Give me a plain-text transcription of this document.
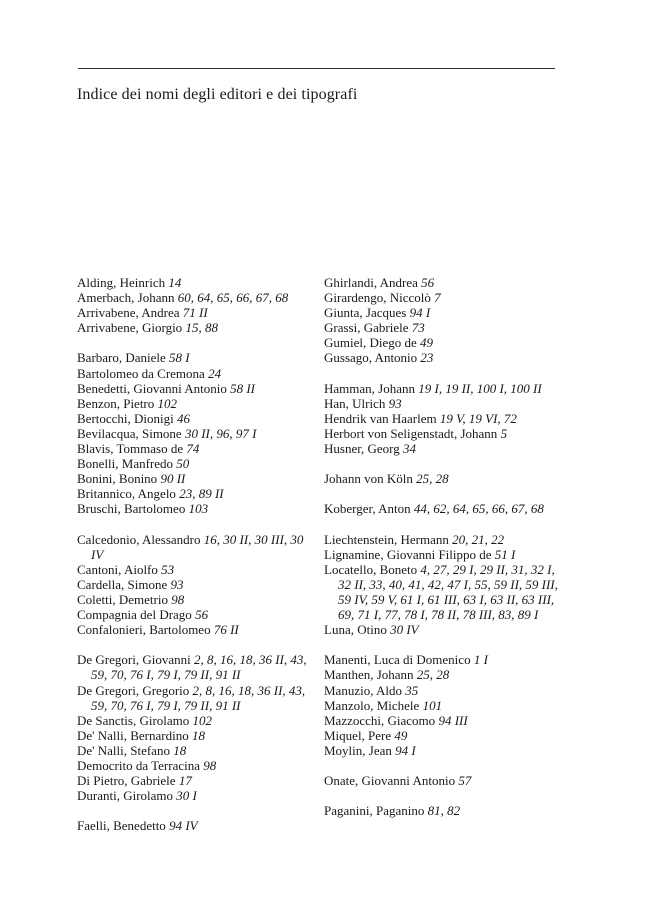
Indice dei nomi degli editori e dei tipografi
Alding, Heinrich 14
Amerbach, Johann 60, 64, 65, 66, 67, 68
Arrivabene, Andrea 71 II
Arrivabene, Giorgio 15, 88
Barbaro, Daniele 58 I
Bartolomeo da Cremona 24
Benedetti, Giovanni Antonio 58 II
Benzon, Pietro 102
Bertocchi, Dionigi 46
Bevilacqua, Simone 30 II, 96, 97 I
Blavis, Tommaso de 74
Bonelli, Manfredo 50
Bonini, Bonino 90 II
Britannico, Angelo 23, 89 II
Bruschi, Bartolomeo 103
Calcedonio, Alessandro 16, 30 II, 30 III, 30 IV
Cantoni, Aiolfo 53
Cardella, Simone 93
Coletti, Demetrio 98
Compagnia del Drago 56
Confalonieri, Bartolomeo 76 II
De Gregori, Giovanni 2, 8, 16, 18, 36 II, 43, 59, 70, 76 I, 79 I, 79 II, 91 II
De Gregori, Gregorio 2, 8, 16, 18, 36 II, 43, 59, 70, 76 I, 79 I, 79 II, 91 II
De Sanctis, Girolamo 102
De' Nalli, Bernardino 18
De' Nalli, Stefano 18
Democrito da Terracina 98
Di Pietro, Gabriele 17
Duranti, Girolamo 30 I
Faelli, Benedetto 94 IV
Ghirlandi, Andrea 56
Girardengo, Niccolò 7
Giunta, Jacques 94 I
Grassi, Gabriele 73
Gumiel, Diego de 49
Gussago, Antonio 23
Hamman, Johann 19 I, 19 II, 100 I, 100 II
Han, Ulrich 93
Hendrik van Haarlem 19 V, 19 VI, 72
Herbort von Seligenstadt, Johann 5
Husner, Georg 34
Johann von Köln 25, 28
Koberger, Anton 44, 62, 64, 65, 66, 67, 68
Liechtenstein, Hermann 20, 21, 22
Lignamine, Giovanni Filippo de 51 I
Locatello, Boneto 4, 27, 29 I, 29 II, 31, 32 I, 32 II, 33, 40, 41, 42, 47 I, 55, 59 II, 59 III, 59 IV, 59 V, 61 I, 61 III, 63 I, 63 II, 63 III, 69, 71 I, 77, 78 I, 78 II, 78 III, 83, 89 I
Luna, Otino 30 IV
Manenti, Luca di Domenico 1 I
Manthen, Johann 25, 28
Manuzio, Aldo 35
Manzolo, Michele 101
Mazzocchi, Giacomo 94 III
Miquel, Pere 49
Moylin, Jean 94 I
Onate, Giovanni Antonio 57
Paganini, Paganino 81, 82
